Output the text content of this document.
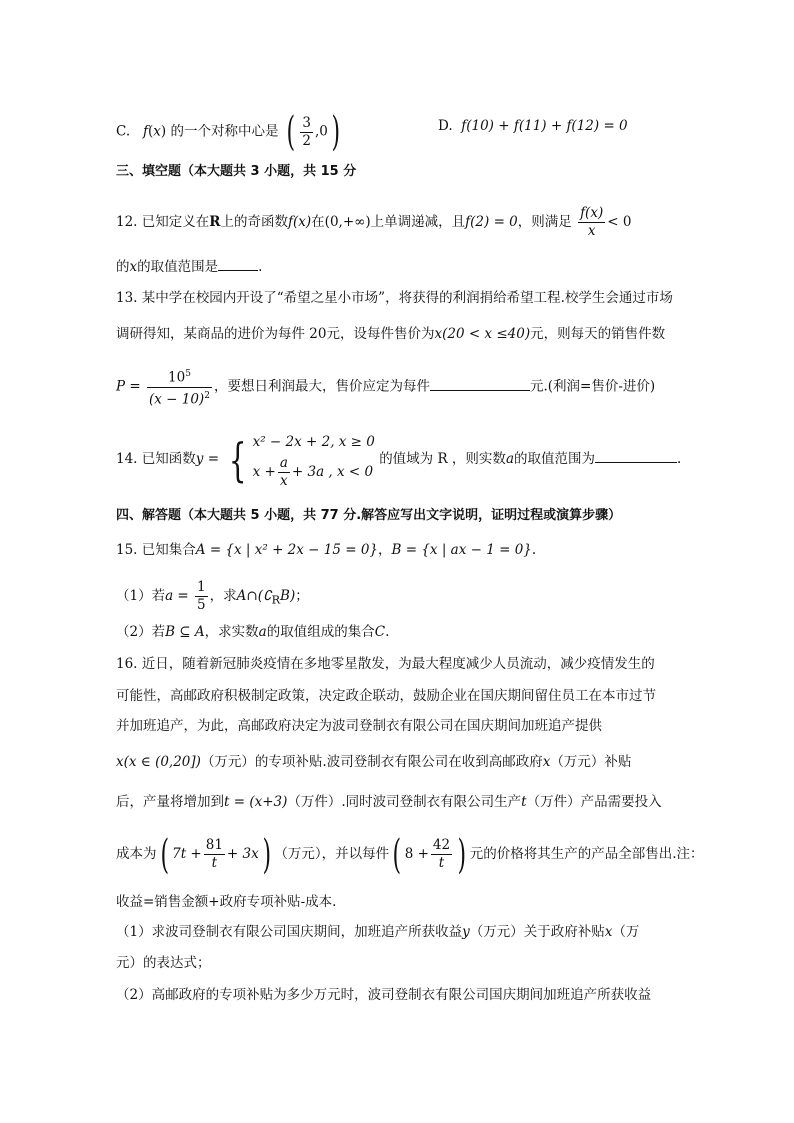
C. f(x) 的一个对称中心是 ( $\frac{3}{2} ,0$)	D. f(10) + f(11) + f(12) = 0
三、填空题（本大题共 3 小题，共 15 分
12. 已知定义在R上的奇函数f(x)在(0,+∞)上单调递减，且f(2) = 0，则满足 $\frac{f(x)}{x} < 0$
的x的取值范围是	.
13. 某中学在校园内开设了“希望之星小市场”，将获得的利润捐给希望工程.校学生会通过市场
调研得知，某商品的进价为每件 20元，设每件售价为x(20 < x ≤40)元，则每天的销售件数
$P = \frac{10^5}{(x - 10)^2}$ ，要想日利润最大，售价应定为每件	元.(利润=售价-进价)
14. 已知函数y = { x² − 2x + 2, x ≥ 0
$x + \frac{a}{x} + 3a$ , x < 0
的值域为 R ，则实数a的取值范围为	.
四、解答题（本大题共 5 小题，共 77 分.解答应写出文字说明，证明过程或演算步骤）
15. 已知集合A = {x | x² + 2x − 15 = 0}，B = {x | ax − 1 = 0}.
（1）若$a = \frac{1}{5}$ ，求$A\cap(∁_RB)$；
（2）若B ⊆ A，求实数a的取值组成的集合C.
16. 近日，随着新冠肺炎疫情在多地零星散发，为最大程度减少人员流动，减少疫情发生的
可能性，高邮政府积极制定政策，决定政企联动，鼓励企业在国庆期间留住员工在本市过节
并加班追产，为此，高邮政府决定为波司登制衣有限公司在国庆期间加班追产提供
x(x ∈ (0,20])（万元）的专项补贴.波司登制衣有限公司在收到高邮政府x（万元）补贴
后，产量将增加到t = (x+3)（万件）.同时波司登制衣有限公司生产t（万件）产品需要投入
成本为( $7t + \frac{81}{t} + 3x$) （万元），并以每件( $8 + \frac{42}{t}$ ) 元的价格将其生产的产品全部售出.注：
收益=销售金额+政府专项补贴-成本.
（1）求波司登制衣有限公司国庆期间，加班追产所获收益y（万元）关于政府补贴x（万
元）的表达式；
（2）高邮政府的专项补贴为多少万元时，波司登制衣有限公司国庆期间加班追产所获收益
